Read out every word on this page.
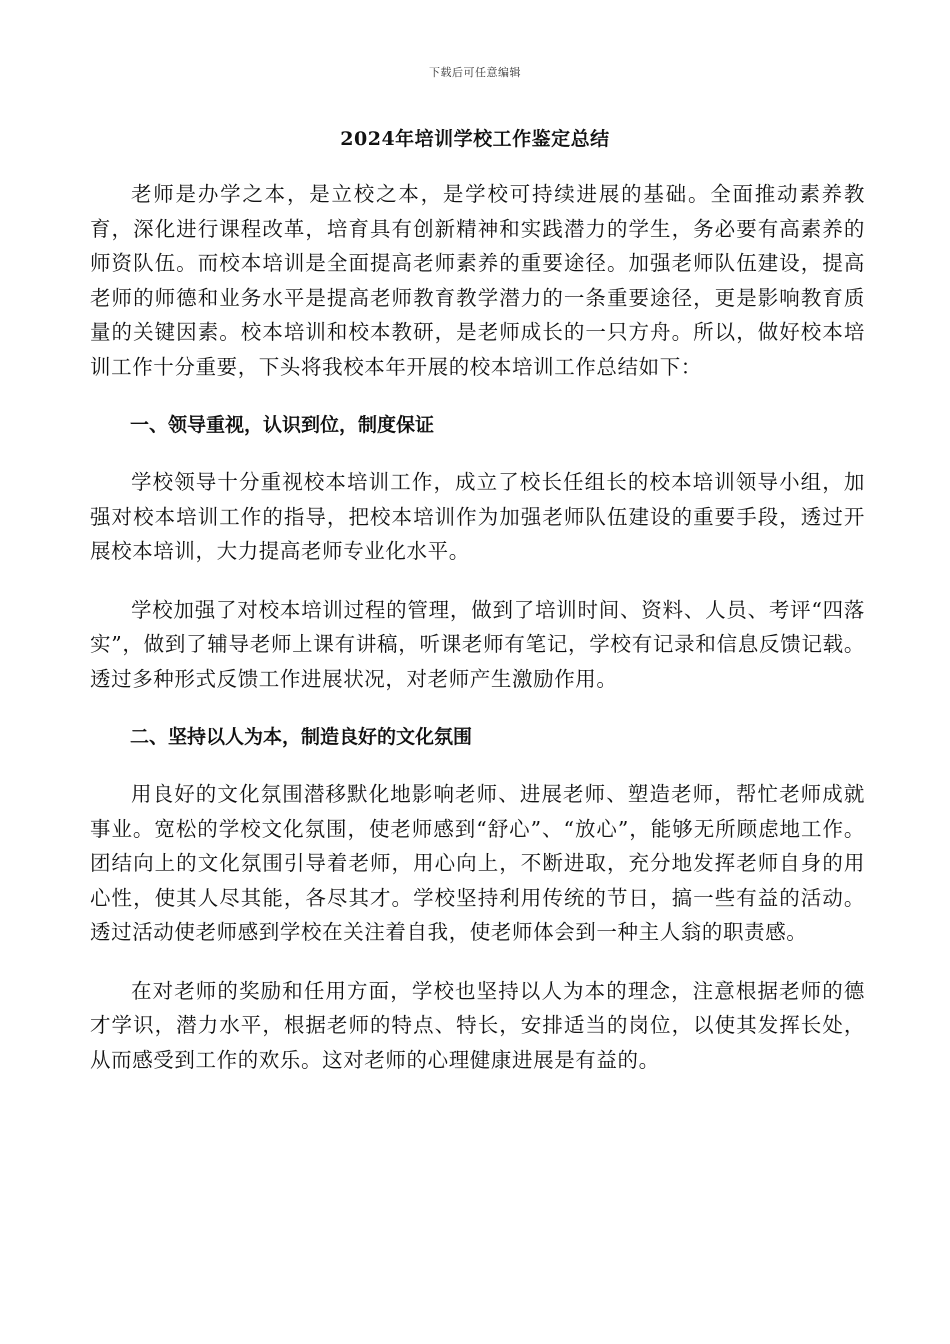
下载后可任意编辑
2024年培训学校工作鉴定总结

老师是办学之本，是立校之本，是学校可持续进展的基础。全面推动素养教育，深化进行课程改革，培育具有创新精神和实践潜力的学生，务必要有高素养的师资队伍。而校本培训是全面提高老师素养的重要途径。加强老师队伍建设，提高老师的师德和业务水平是提高老师教育教学潜力的一条重要途径，更是影响教育质量的关键因素。校本培训和校本教研，是老师成长的一只方舟。所以，做好校本培训工作十分重要，下头将我校本年开展的校本培训工作总结如下：

一、领导重视，认识到位，制度保证

学校领导十分重视校本培训工作，成立了校长任组长的校本培训领导小组，加强对校本培训工作的指导，把校本培训作为加强老师队伍建设的重要手段，透过开展校本培训，大力提高老师专业化水平。

学校加强了对校本培训过程的管理，做到了培训时间、资料、人员、考评“四落实”，做到了辅导老师上课有讲稿，听课老师有笔记，学校有记录和信息反馈记载。透过多种形式反馈工作进展状况，对老师产生激励作用。

二、坚持以人为本，制造良好的文化氛围

用良好的文化氛围潜移默化地影响老师、进展老师、塑造老师，帮忙老师成就事业。宽松的学校文化氛围，使老师感到“舒心”、“放心”，能够无所顾虑地工作。团结向上的文化氛围引导着老师，用心向上，不断进取，充分地发挥老师自身的用心性，使其人尽其能，各尽其才。学校坚持利用传统的节日，搞一些有益的活动。透过活动使老师感到学校在关注着自我，使老师体会到一种主人翁的职责感。

在对老师的奖励和任用方面，学校也坚持以人为本的理念，注意根据老师的德才学识，潜力水平，根据老师的特点、特长，安排适当的岗位，以使其发挥长处，从而感受到工作的欢乐。这对老师的心理健康进展是有益的。
